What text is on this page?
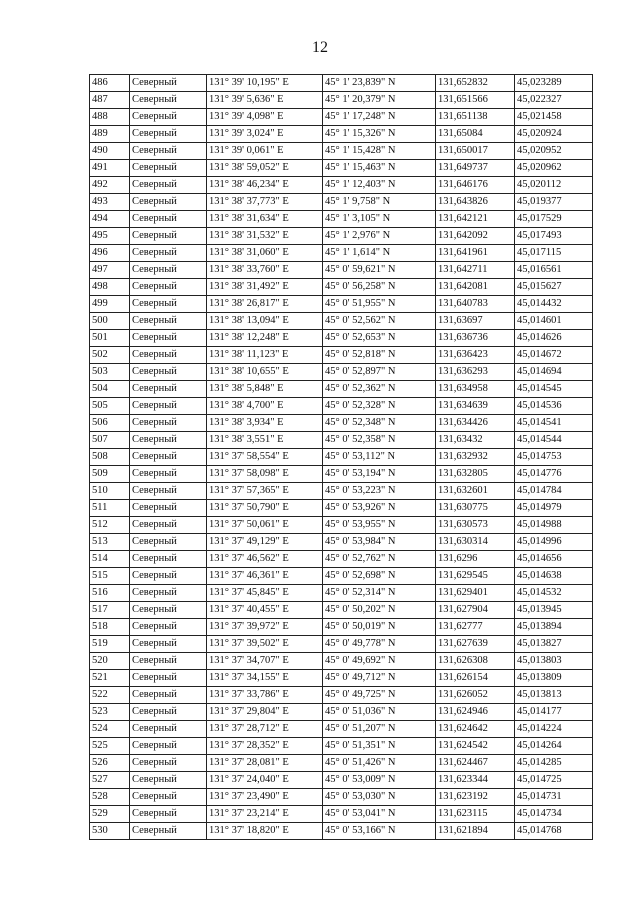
12
486	Северный	131° 39' 10,195" E	45° 1' 23,839" N	131,652832	45,023289
487	Северный	131° 39' 5,636" E	45° 1' 20,379" N	131,651566	45,022327
488	Северный	131° 39' 4,098" E	45° 1' 17,248" N	131,651138	45,021458
489	Северный	131° 39' 3,024" E	45° 1' 15,326" N	131,65084	45,020924
490	Северный	131° 39' 0,061" E	45° 1' 15,428" N	131,650017	45,020952
491	Северный	131° 38' 59,052" E	45° 1' 15,463" N	131,649737	45,020962
492	Северный	131° 38' 46,234" E	45° 1' 12,403" N	131,646176	45,020112
493	Северный	131° 38' 37,773" E	45° 1' 9,758" N	131,643826	45,019377
494	Северный	131° 38' 31,634" E	45° 1' 3,105" N	131,642121	45,017529
495	Северный	131° 38' 31,532" E	45° 1' 2,976" N	131,642092	45,017493
496	Северный	131° 38' 31,060" E	45° 1' 1,614" N	131,641961	45,017115
497	Северный	131° 38' 33,760" E	45° 0' 59,621" N	131,642711	45,016561
498	Северный	131° 38' 31,492" E	45° 0' 56,258" N	131,642081	45,015627
499	Северный	131° 38' 26,817" E	45° 0' 51,955" N	131,640783	45,014432
500	Северный	131° 38' 13,094" E	45° 0' 52,562" N	131,63697	45,014601
501	Северный	131° 38' 12,248" E	45° 0' 52,653" N	131,636736	45,014626
502	Северный	131° 38' 11,123" E	45° 0' 52,818" N	131,636423	45,014672
503	Северный	131° 38' 10,655" E	45° 0' 52,897" N	131,636293	45,014694
504	Северный	131° 38' 5,848" E	45° 0' 52,362" N	131,634958	45,014545
505	Северный	131° 38' 4,700" E	45° 0' 52,328" N	131,634639	45,014536
506	Северный	131° 38' 3,934" E	45° 0' 52,348" N	131,634426	45,014541
507	Северный	131° 38' 3,551" E	45° 0' 52,358" N	131,63432	45,014544
508	Северный	131° 37' 58,554" E	45° 0' 53,112" N	131,632932	45,014753
509	Северный	131° 37' 58,098" E	45° 0' 53,194" N	131,632805	45,014776
510	Северный	131° 37' 57,365" E	45° 0' 53,223" N	131,632601	45,014784
511	Северный	131° 37' 50,790" E	45° 0' 53,926" N	131,630775	45,014979
512	Северный	131° 37' 50,061" E	45° 0' 53,955" N	131,630573	45,014988
513	Северный	131° 37' 49,129" E	45° 0' 53,984" N	131,630314	45,014996
514	Северный	131° 37' 46,562" E	45° 0' 52,762" N	131,6296	45,014656
515	Северный	131° 37' 46,361" E	45° 0' 52,698" N	131,629545	45,014638
516	Северный	131° 37' 45,845" E	45° 0' 52,314" N	131,629401	45,014532
517	Северный	131° 37' 40,455" E	45° 0' 50,202" N	131,627904	45,013945
518	Северный	131° 37' 39,972" E	45° 0' 50,019" N	131,62777	45,013894
519	Северный	131° 37' 39,502" E	45° 0' 49,778" N	131,627639	45,013827
520	Северный	131° 37' 34,707" E	45° 0' 49,692" N	131,626308	45,013803
521	Северный	131° 37' 34,155" E	45° 0' 49,712" N	131,626154	45,013809
522	Северный	131° 37' 33,786" E	45° 0' 49,725" N	131,626052	45,013813
523	Северный	131° 37' 29,804" E	45° 0' 51,036" N	131,624946	45,014177
524	Северный	131° 37' 28,712" E	45° 0' 51,207" N	131,624642	45,014224
525	Северный	131° 37' 28,352" E	45° 0' 51,351" N	131,624542	45,014264
526	Северный	131° 37' 28,081" E	45° 0' 51,426" N	131,624467	45,014285
527	Северный	131° 37' 24,040" E	45° 0' 53,009" N	131,623344	45,014725
528	Северный	131° 37' 23,490" E	45° 0' 53,030" N	131,623192	45,014731
529	Северный	131° 37' 23,214" E	45° 0' 53,041" N	131,623115	45,014734
530	Северный	131° 37' 18,820" E	45° 0' 53,166" N	131,621894	45,014768
